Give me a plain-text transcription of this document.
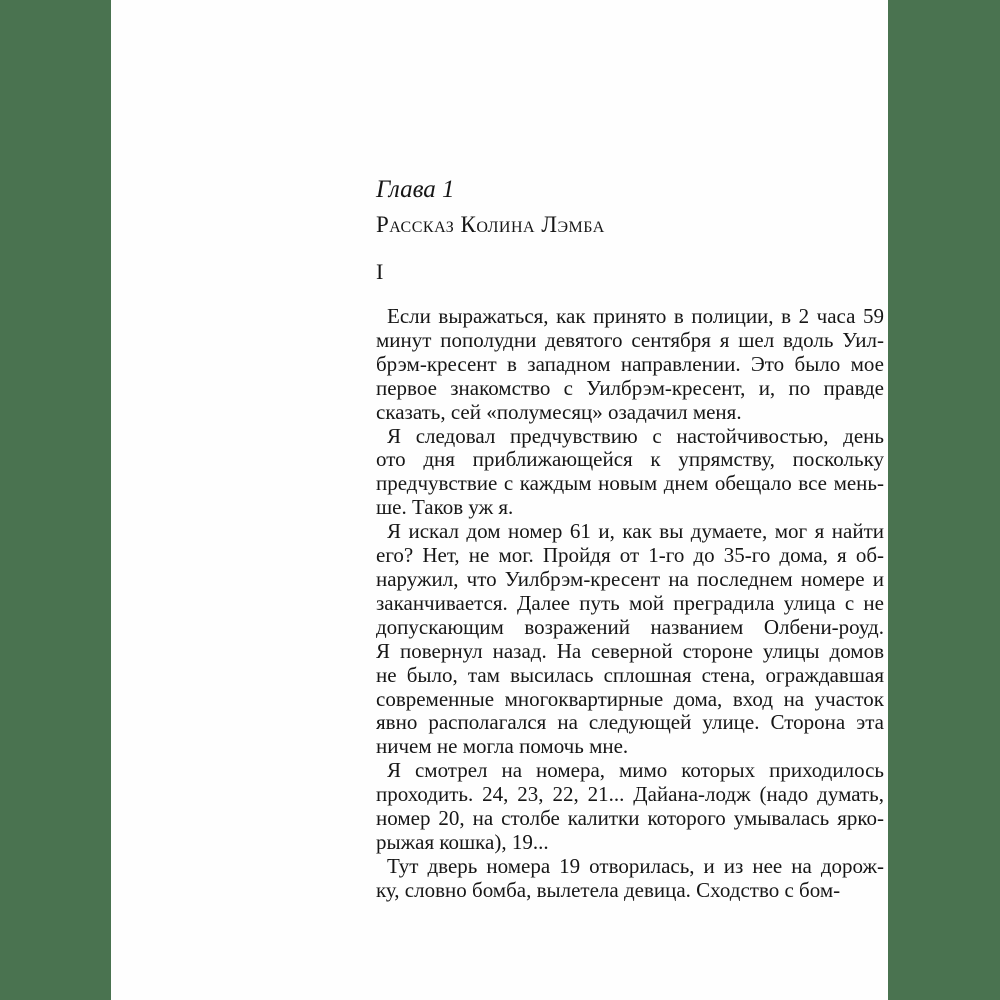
Глава 1
Рассказ Колина Лэмба
I
Если выражаться, как принято в полиции, в 2 часа 59
минут пополудни девятого сентября я шел вдоль Уил-
брэм-кресент в западном направлении. Это было мое
первое знакомство с Уилбрэм-кресент, и, по правде
сказать, сей «полумесяц» озадачил меня.
Я следовал предчувствию с настойчивостью, день
ото дня приближающейся к упрямству, поскольку
предчувствие с каждым новым днем обещало все мень-
ше. Таков уж я.
Я искал дом номер 61 и, как вы думаете, мог я найти
его? Нет, не мог. Пройдя от 1-го до 35-го дома, я об-
наружил, что Уилбрэм-кресент на последнем номере и
заканчивается. Далее путь мой преградила улица с не
допускающим возражений названием Олбени-роуд.
Я повернул назад. На северной стороне улицы домов
не было, там высилась сплошная стена, ограждавшая
современные многоквартирные дома, вход на участок
явно располагался на следующей улице. Сторона эта
ничем не могла помочь мне.
Я смотрел на номера, мимо которых приходилось
проходить. 24, 23, 22, 21... Дайана-лодж (надо думать,
номер 20, на столбе калитки которого умывалась ярко-
рыжая кошка), 19...
Тут дверь номера 19 отворилась, и из нее на дорож-
ку, словно бомба, вылетела девица. Сходство с бом-
